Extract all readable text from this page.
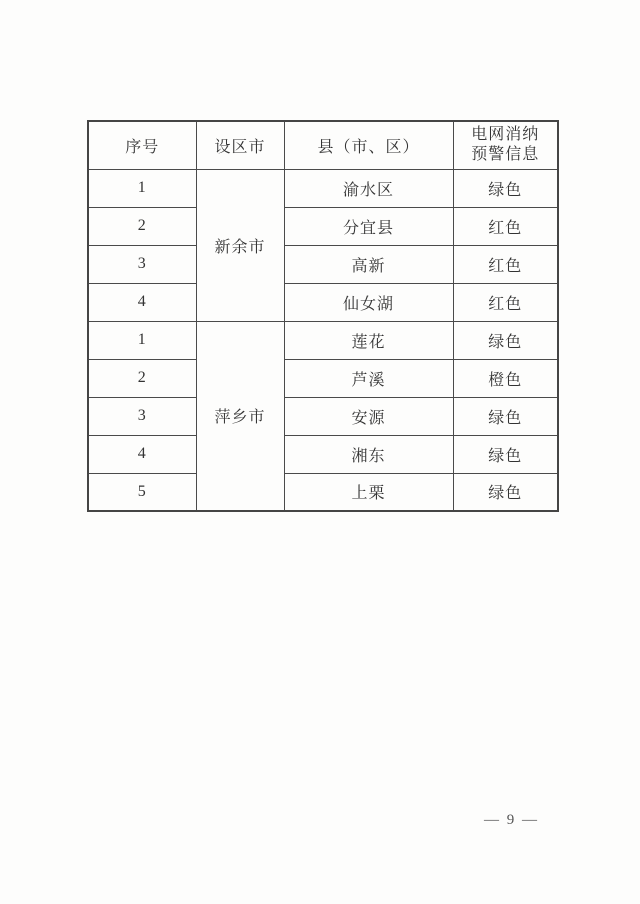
序号	设区市	县（市、区）	电网消纳
预警信息
1	新余市	渝水区	绿色
2		分宜县	红色
3		高新	红色
4		仙女湖	红色
1	萍乡市	莲花	绿色
2		芦溪	橙色
3		安源	绿色
4		湘东	绿色
5		上栗	绿色
— 9 —
